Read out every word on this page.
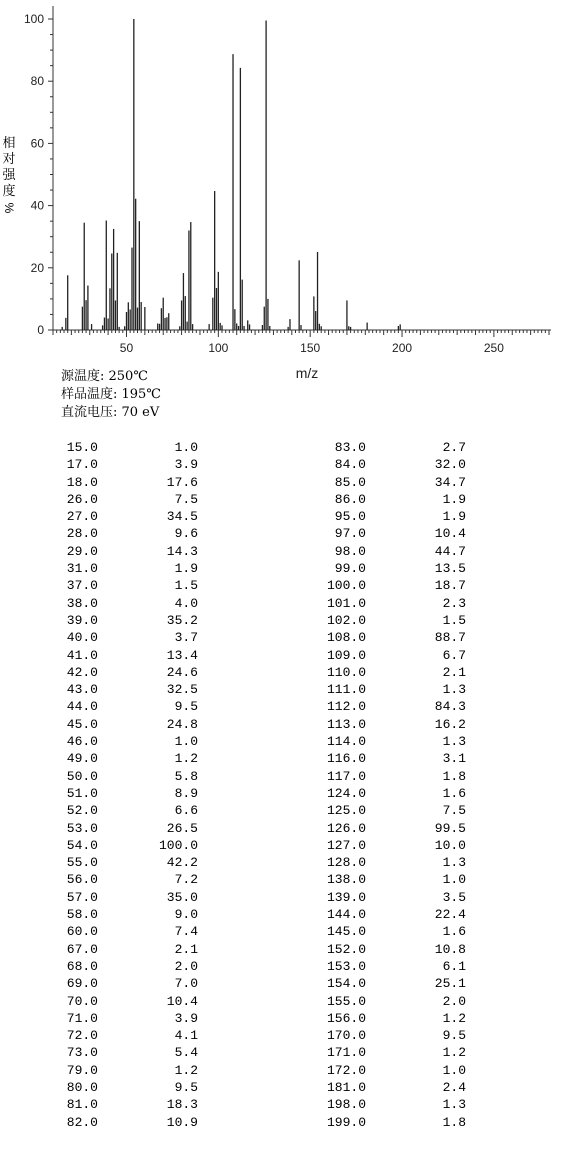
0
20
40
60
80
100
50	100	150	200	250
m/z
相
对
强
度
%
源温度: 250℃
样品温度: 195℃
直流电压: 70 eV
15.0	1.0	83.0	2.7
17.0	3.9	84.0	32.0
18.0	17.6	85.0	34.7
26.0	7.5	86.0	1.9
27.0	34.5	95.0	1.9
28.0	9.6	97.0	10.4
29.0	14.3	98.0	44.7
31.0	1.9	99.0	13.5
37.0	1.5	100.0	18.7
38.0	4.0	101.0	2.3
39.0	35.2	102.0	1.5
40.0	3.7	108.0	88.7
41.0	13.4	109.0	6.7
42.0	24.6	110.0	2.1
43.0	32.5	111.0	1.3
44.0	9.5	112.0	84.3
45.0	24.8	113.0	16.2
46.0	1.0	114.0	1.3
49.0	1.2	116.0	3.1
50.0	5.8	117.0	1.8
51.0	8.9	124.0	1.6
52.0	6.6	125.0	7.5
53.0	26.5	126.0	99.5
54.0	100.0	127.0	10.0
55.0	42.2	128.0	1.3
56.0	7.2	138.0	1.0
57.0	35.0	139.0	3.5
58.0	9.0	144.0	22.4
60.0	7.4	145.0	1.6
67.0	2.1	152.0	10.8
68.0	2.0	153.0	6.1
69.0	7.0	154.0	25.1
70.0	10.4	155.0	2.0
71.0	3.9	156.0	1.2
72.0	4.1	170.0	9.5
73.0	5.4	171.0	1.2
79.0	1.2	172.0	1.0
80.0	9.5	181.0	2.4
81.0	18.3	198.0	1.3
82.0	10.9	199.0	1.8
